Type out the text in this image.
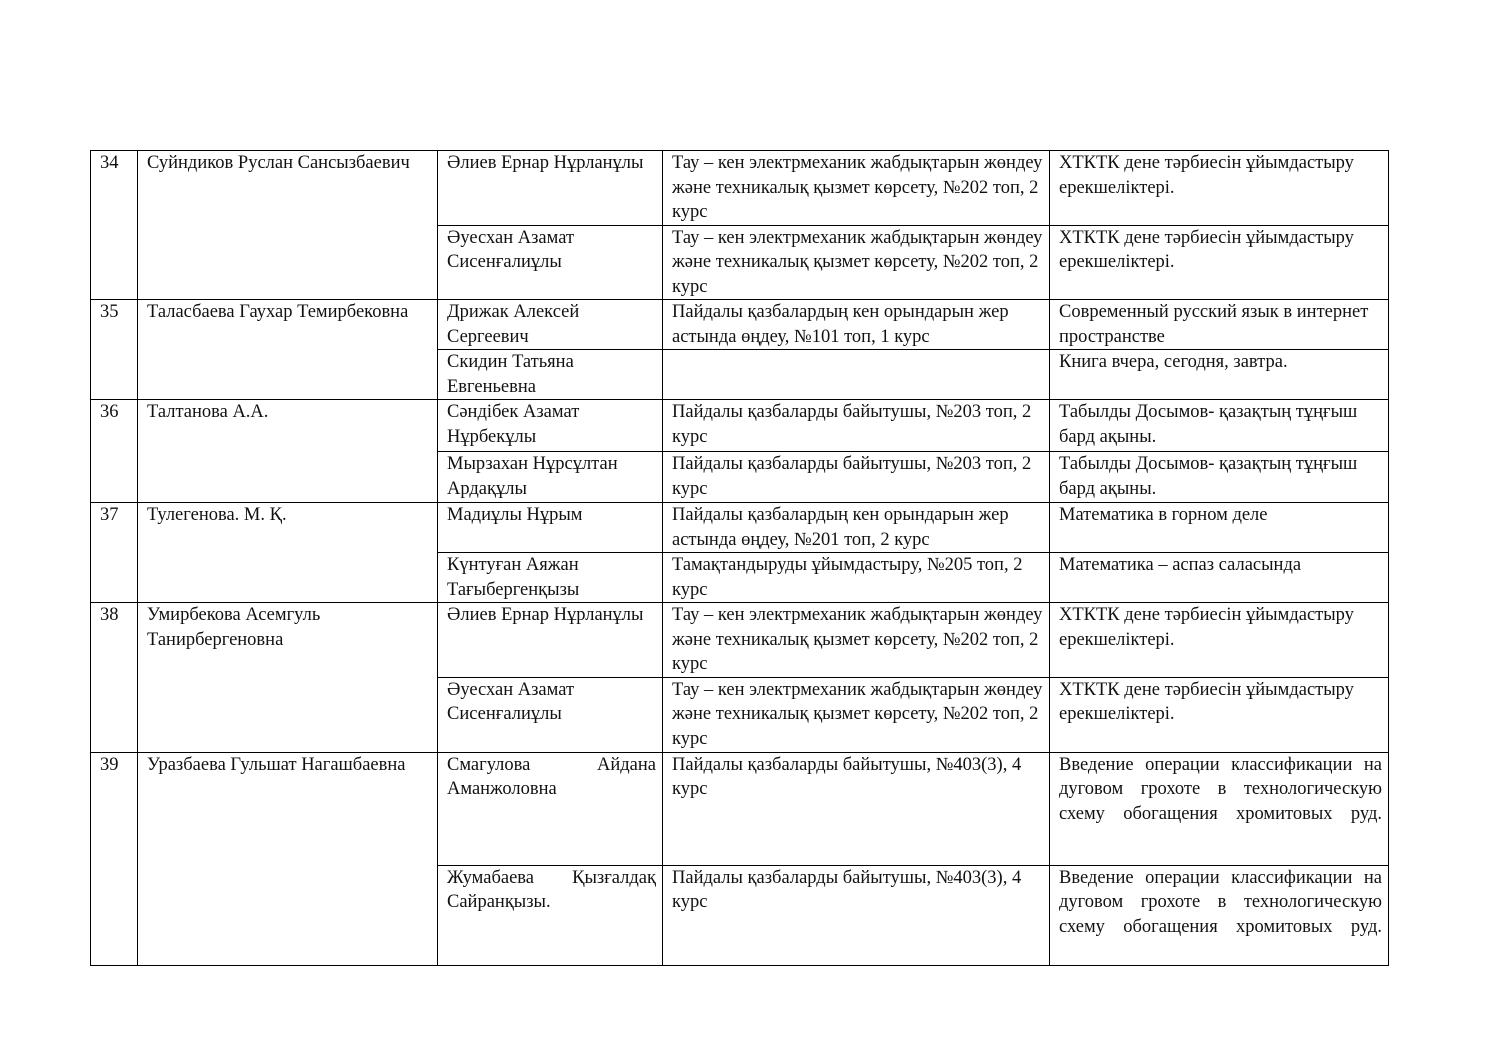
34	Суйндиков Руслан Сансызбаевич	Әлиев Ернар Нұрланұлы	Тау – кен электрмеханик жабдықтарын жөндеу және техникалық қызмет көрсету, №202 топ, 2 курс	ХТКТК дене тәрбиесін ұйымдастыру ерекшеліктері.
		Әуесхан Азамат Сисенғалиұлы	Тау – кен электрмеханик жабдықтарын жөндеу және техникалық қызмет көрсету, №202 топ, 2 курс	ХТКТК дене тәрбиесін ұйымдастыру ерекшеліктері.
35	Таласбаева Гаухар Темирбековна	Дрижак Алексей Сергеевич	Пайдалы қазбалардың кен орындарын жер астында өңдеу, №101 топ, 1 курс	Современный русский язык в интернет пространстве
		Скидин Татьяна Евгеньевна		Книга вчера, сегодня, завтра.
36	Талтанова А.А.	Сәндібек Азамат Нұрбекұлы	Пайдалы қазбаларды байытушы, №203 топ, 2 курс	Табылды Досымов- қазақтың тұңғыш бард ақыны.
		Мырзахан Нұрсұлтан Ардақұлы	Пайдалы қазбаларды байытушы, №203 топ, 2 курс	Табылды Досымов- қазақтың тұңғыш бард ақыны.
37	Тулегенова. М. Қ.	Мадиұлы Нұрым	Пайдалы қазбалардың кен орындарын жер астында өңдеу, №201 топ, 2 курс	Математика в горном деле
		Күнтуған Аяжан Тағыбергенқызы	Тамақтандыруды ұйымдастыру, №205 топ, 2 курс	Математика – аспаз саласында
38	Умирбекова Асемгуль Танирбергеновна	Әлиев Ернар Нұрланұлы	Тау – кен электрмеханик жабдықтарын жөндеу және техникалық қызмет көрсету, №202 топ, 2 курс	ХТКТК дене тәрбиесін ұйымдастыру ерекшеліктері.
		Әуесхан Азамат Сисенғалиұлы	Тау – кен электрмеханик жабдықтарын жөндеу және техникалық қызмет көрсету, №202 топ, 2 курс	ХТКТК дене тәрбиесін ұйымдастыру ерекшеліктері.
39	Уразбаева Гульшат Нагашбаевна	Смагулова Айдана Аманжоловна	Пайдалы қазбаларды байытушы, №403(3), 4 курс	Введение операции классификации на дуговом грохоте в технологическую схему обогащения хромитовых руд.
		Жумабаева Қызғалдақ Сайранқызы.	Пайдалы қазбаларды байытушы, №403(3), 4 курс	Введение операции классификации на дуговом грохоте в технологическую схему обогащения хромитовых руд.
